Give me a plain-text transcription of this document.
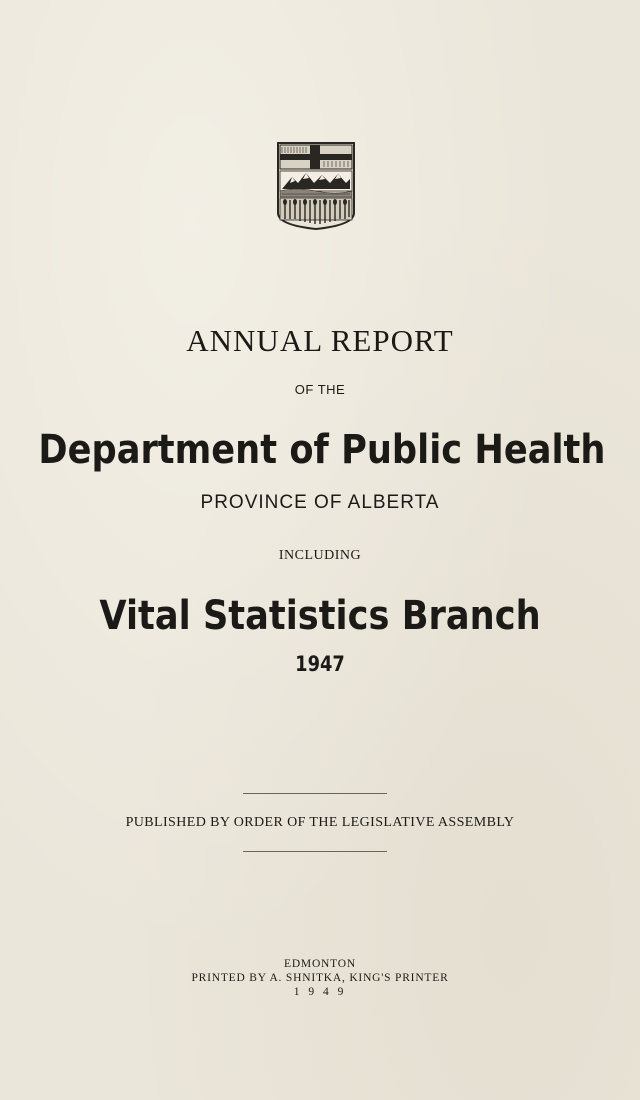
ANNUAL REPORT
OF THE
Department of Public Health
PROVINCE OF ALBERTA
INCLUDING
Vital Statistics Branch
1947
PUBLISHED BY ORDER OF THE LEGISLATIVE ASSEMBLY
EDMONTON
PRINTED BY A. SHNITKA, KING'S PRINTER
1 9 4 9
